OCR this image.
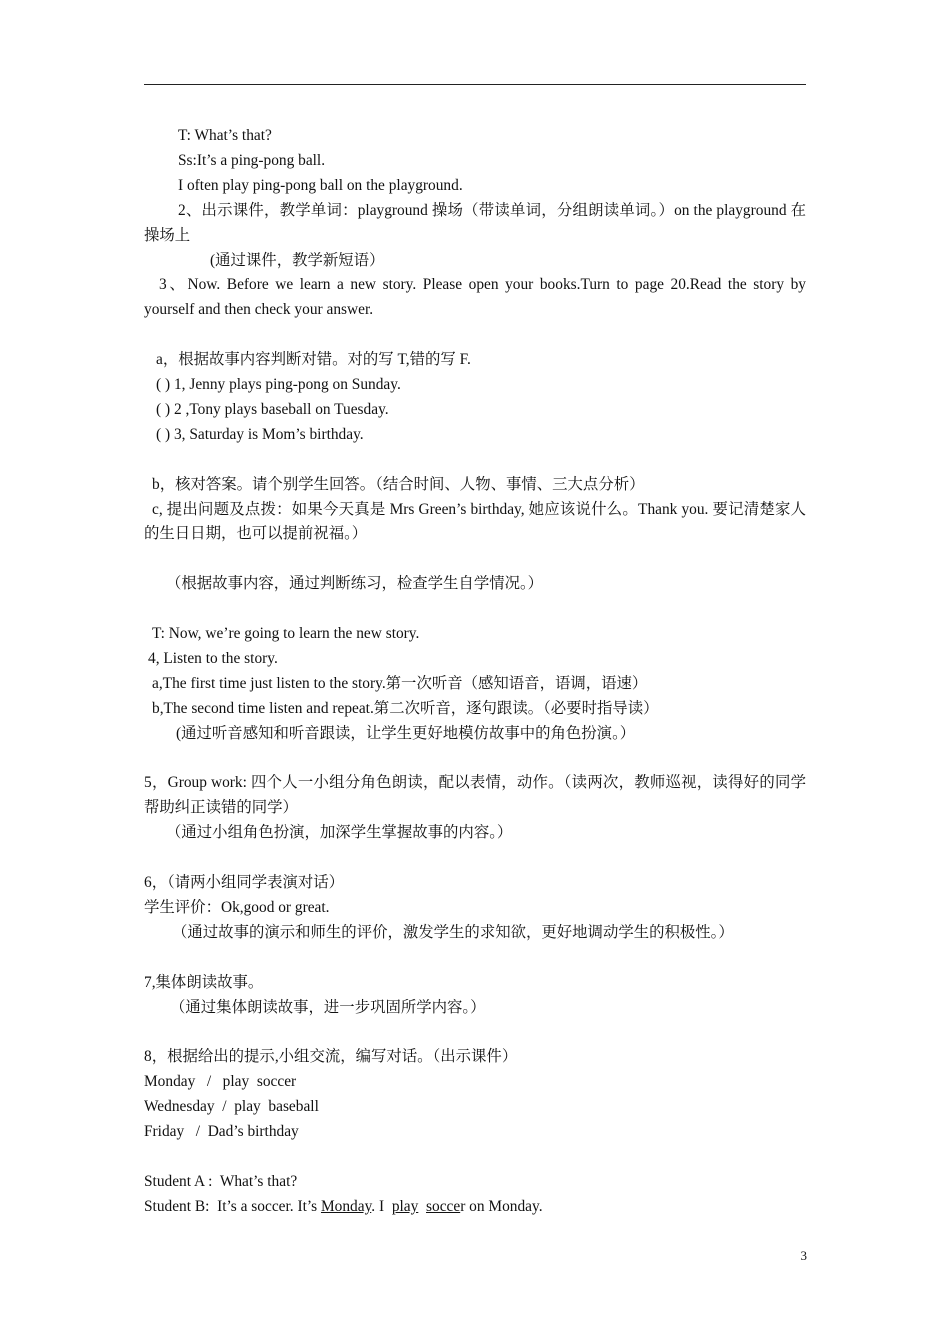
T: What’s that?

Ss:It’s a ping-pong ball.

I often play ping-pong ball on the playground.

2、出示课件，教学单词：playground 操场（带读单词，分组朗读单词。）on the playground 在操场上

(通过课件，教学新短语）

3、Now. Before we learn a new story. Please open your books.Turn to page 20.Read the story by yourself and then check your answer.

a，根据故事内容判断对错。对的写 T,错的写 F.

( ) 1, Jenny plays ping-pong on Sunday.

( ) 2 ,Tony plays baseball on Tuesday.

( ) 3, Saturday is Mom’s birthday.

b，核对答案。请个别学生回答。（结合时间、人物、事情、三大点分析）

c, 提出问题及点拨：如果今天真是 Mrs Green’s birthday, 她应该说什么。Thank you. 要记清楚家人的生日日期，也可以提前祝福。）

（根据故事内容，通过判断练习，检查学生自学情况。）

T: Now, we’re going to learn the new story.

4, Listen to the story.

a,The first time just listen to the story.第一次听音（感知语音，语调，语速）

b,The second time listen and repeat.第二次听音，逐句跟读。（必要时指导读）

(通过听音感知和听音跟读，让学生更好地模仿故事中的角色扮演。）

5，Group work: 四个人一小组分角色朗读，配以表情，动作。（读两次，教师巡视，读得好的同学帮助纠正读错的同学）

（通过小组角色扮演，加深学生掌握故事的内容。）

6，（请两小组同学表演对话）

学生评价：Ok,good or great.

（通过故事的演示和师生的评价，激发学生的求知欲，更好地调动学生的积极性。）

7,集体朗读故事。

（通过集体朗读故事，进一步巩固所学内容。）

8，根据给出的提示,小组交流，编写对话。（出示课件）

Monday   /   play  soccer

Wednesday  /  play  baseball

Friday   /  Dad’s birthday

Student A :  What’s that?

Student B:  It’s a soccer. It’s Monday. I  play soccer on Monday.

3
